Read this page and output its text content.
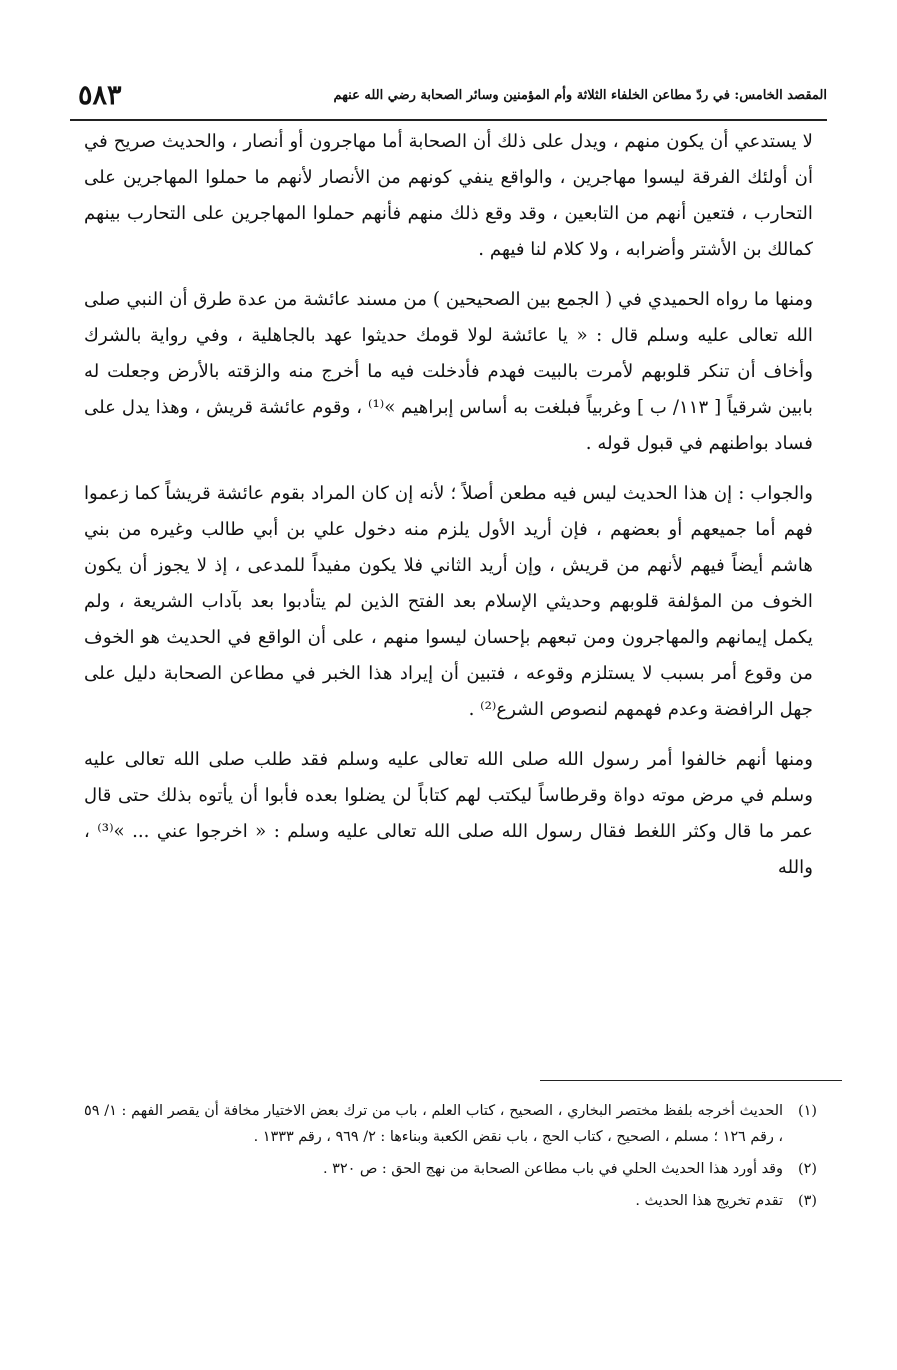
المقصد الخامس: في ردّ مطاعن الخلفاء الثلاثة وأم المؤمنين وسائر الصحابة رضي الله عنهم
٥٨٣

لا يستدعي أن يكون منهم ، ويدل على ذلك أن الصحابة أما مهاجرون أو أنصار ، والحديث صريح في أن أولئك الفرقة ليسوا مهاجرين ، والواقع ينفي كونهم من الأنصار لأنهم ما حملوا المهاجرين على التحارب ، فتعين أنهم من التابعين ، وقد وقع ذلك منهم فأنهم حملوا المهاجرين على التحارب بينهم كمالك بن الأشتر وأضرابه ، ولا كلام لنا فيهم .

ومنها ما رواه الحميدي في ( الجمع بين الصحيحين ) من مسند عائشة من عدة طرق أن النبي صلى الله تعالى عليه وسلم قال : « يا عائشة لولا قومك حديثوا عهد بالجاهلية ، وفي رواية بالشرك وأخاف أن تنكر قلوبهم لأمرت بالبيت فهدم فأدخلت فيه ما أخرج منه والزقته بالأرض وجعلت له بابين شرقياً [ ١١٣/ ب ] وغربياً فبلغت به أساس إبراهيم »⁽¹⁾ ، وقوم عائشة قريش ، وهذا يدل على فساد بواطنهم في قبول قوله .

والجواب : إن هذا الحديث ليس فيه مطعن أصلاً ؛ لأنه إن كان المراد بقوم عائشة قريشاً كما زعموا فهم أما جميعهم أو بعضهم ، فإن أريد الأول يلزم منه دخول علي بن أبي طالب وغيره من بني هاشم أيضاً فيهم لأنهم من قريش ، وإن أريد الثاني فلا يكون مفيداً للمدعى ، إذ لا يجوز أن يكون الخوف من المؤلفة قلوبهم وحديثي الإسلام بعد الفتح الذين لم يتأدبوا بعد بآداب الشريعة ، ولم يكمل إيمانهم والمهاجرون ومن تبعهم بإحسان ليسوا منهم ، على أن الواقع في الحديث هو الخوف من وقوع أمر بسبب لا يستلزم وقوعه ، فتبين أن إيراد هذا الخبر في مطاعن الصحابة دليل على جهل الرافضة وعدم فهمهم لنصوص الشرع⁽²⁾ .

ومنها أنهم خالفوا أمر رسول الله صلى الله تعالى عليه وسلم فقد طلب صلى الله تعالى عليه وسلم في مرض موته دواة وقرطاساً ليكتب لهم كتاباً لن يضلوا بعده فأبوا أن يأتوه بذلك حتى قال عمر ما قال وكثر اللغط فقال رسول الله صلى الله تعالى عليه وسلم : « اخرجوا عني ... »⁽³⁾ ، والله

(١)
الحديث أخرجه بلفظ مختصر البخاري ، الصحيح ، كتاب العلم ، باب من ترك بعض الاختيار مخافة أن يقصر الفهم : ١/ ٥٩ ، رقم ١٢٦ ؛ مسلم ، الصحيح ، كتاب الحج ، باب نقض الكعبة وبناءها : ٢/ ٩٦٩ ، رقم ١٣٣٣ .
(٢)
وقد أورد هذا الحديث الحلي في باب مطاعن الصحابة من نهج الحق : ص ٣٢٠ .
(٣)
تقدم تخريج هذا الحديث .
